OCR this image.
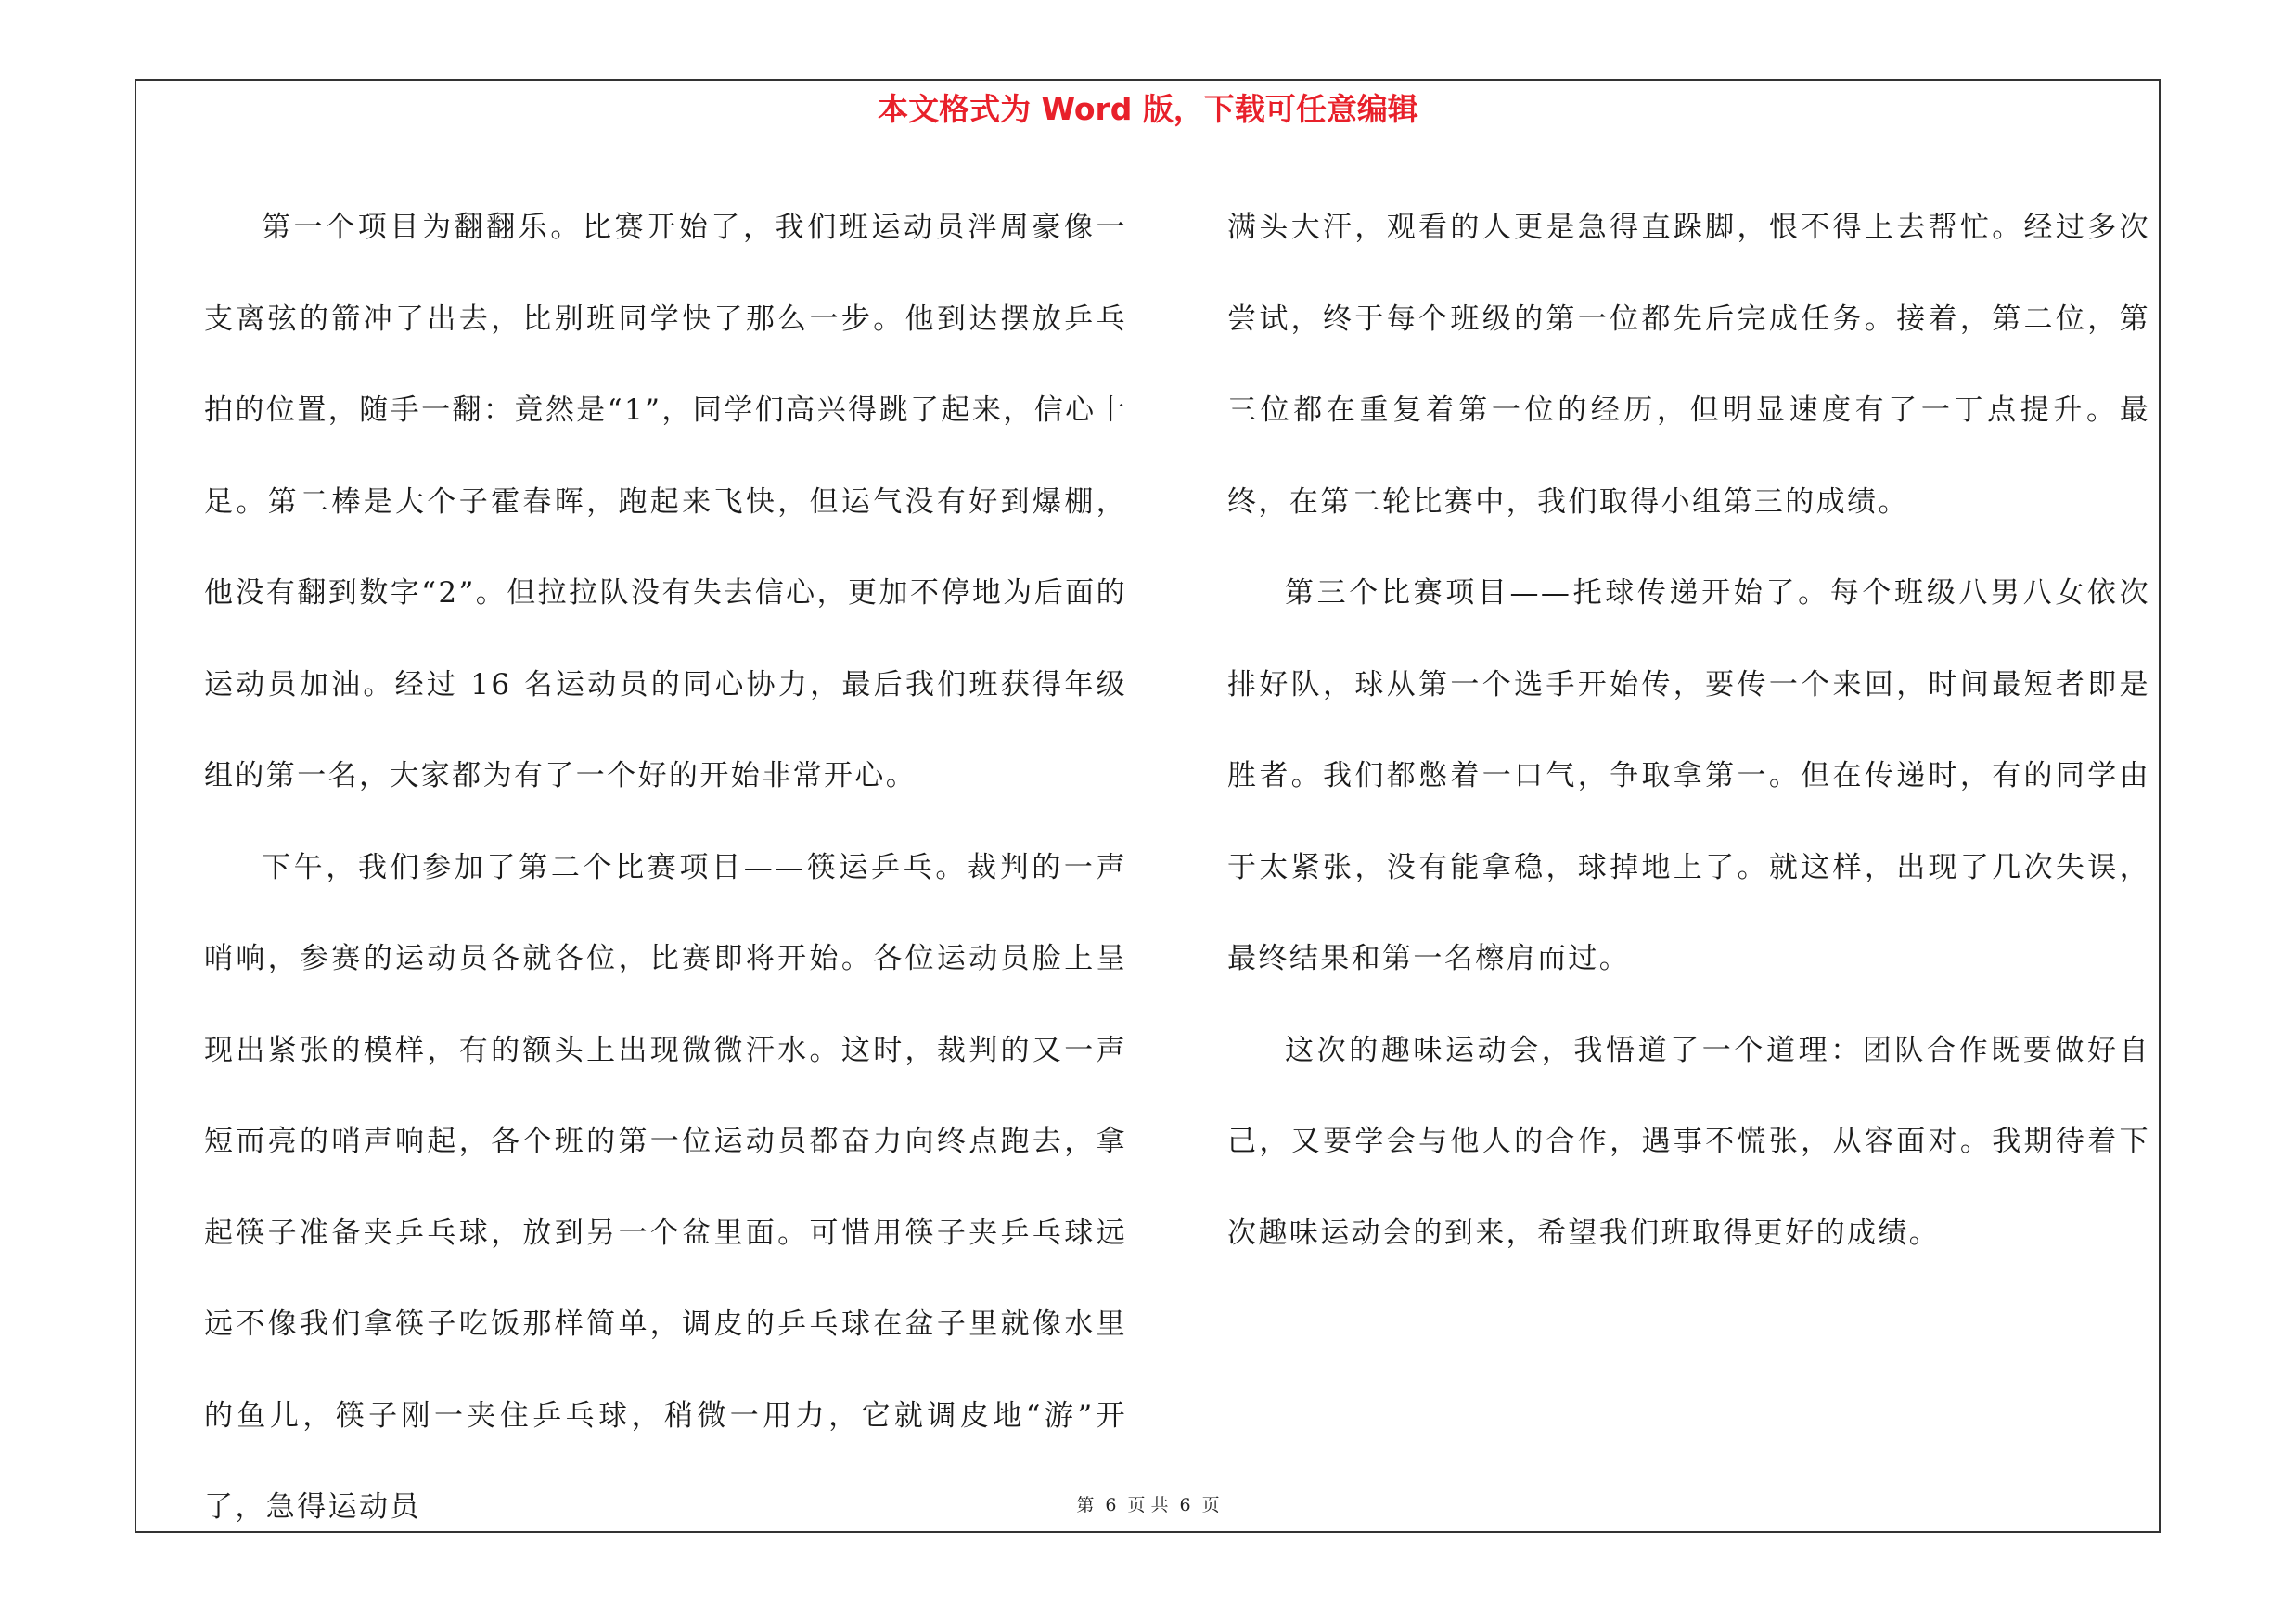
本文格式为 Word 版，下载可任意编辑

第一个项目为翻翻乐。比赛开始了，我们班运动员泮周豪像一支离弦的箭冲了出去，比别班同学快了那么一步。他到达摆放乒乓拍的位置，随手一翻：竟然是“1”，同学们高兴得跳了起来，信心十足。第二棒是大个子霍春晖，跑起来飞快，但运气没有好到爆棚，他没有翻到数字“2”。但拉拉队没有失去信心，更加不停地为后面的运动员加油。经过 16 名运动员的同心协力，最后我们班获得年级组的第一名，大家都为有了一个好的开始非常开心。

下午，我们参加了第二个比赛项目——筷运乒乓。裁判的一声哨响，参赛的运动员各就各位，比赛即将开始。各位运动员脸上呈现出紧张的模样，有的额头上出现微微汗水。这时，裁判的又一声短而亮的哨声响起，各个班的第一位运动员都奋力向终点跑去，拿起筷子准备夹乒乓球，放到另一个盆里面。可惜用筷子夹乒乓球远远不像我们拿筷子吃饭那样简单，调皮的乒乓球在盆子里就像水里的鱼儿，筷子刚一夹住乒乓球，稍微一用力，它就调皮地“游”开了，急得运动员

满头大汗，观看的人更是急得直跺脚，恨不得上去帮忙。经过多次尝试，终于每个班级的第一位都先后完成任务。接着，第二位，第三位都在重复着第一位的经历，但明显速度有了一丁点提升。最终，在第二轮比赛中，我们取得小组第三的成绩。

第三个比赛项目——托球传递开始了。每个班级八男八女依次排好队，球从第一个选手开始传，要传一个来回，时间最短者即是胜者。我们都憋着一口气，争取拿第一。但在传递时，有的同学由于太紧张，没有能拿稳，球掉地上了。就这样，出现了几次失误，最终结果和第一名檫肩而过。

这次的趣味运动会，我悟道了一个道理：团队合作既要做好自己，又要学会与他人的合作，遇事不慌张，从容面对。我期待着下次趣味运动会的到来，希望我们班取得更好的成绩。

第 6 页 共 6 页
